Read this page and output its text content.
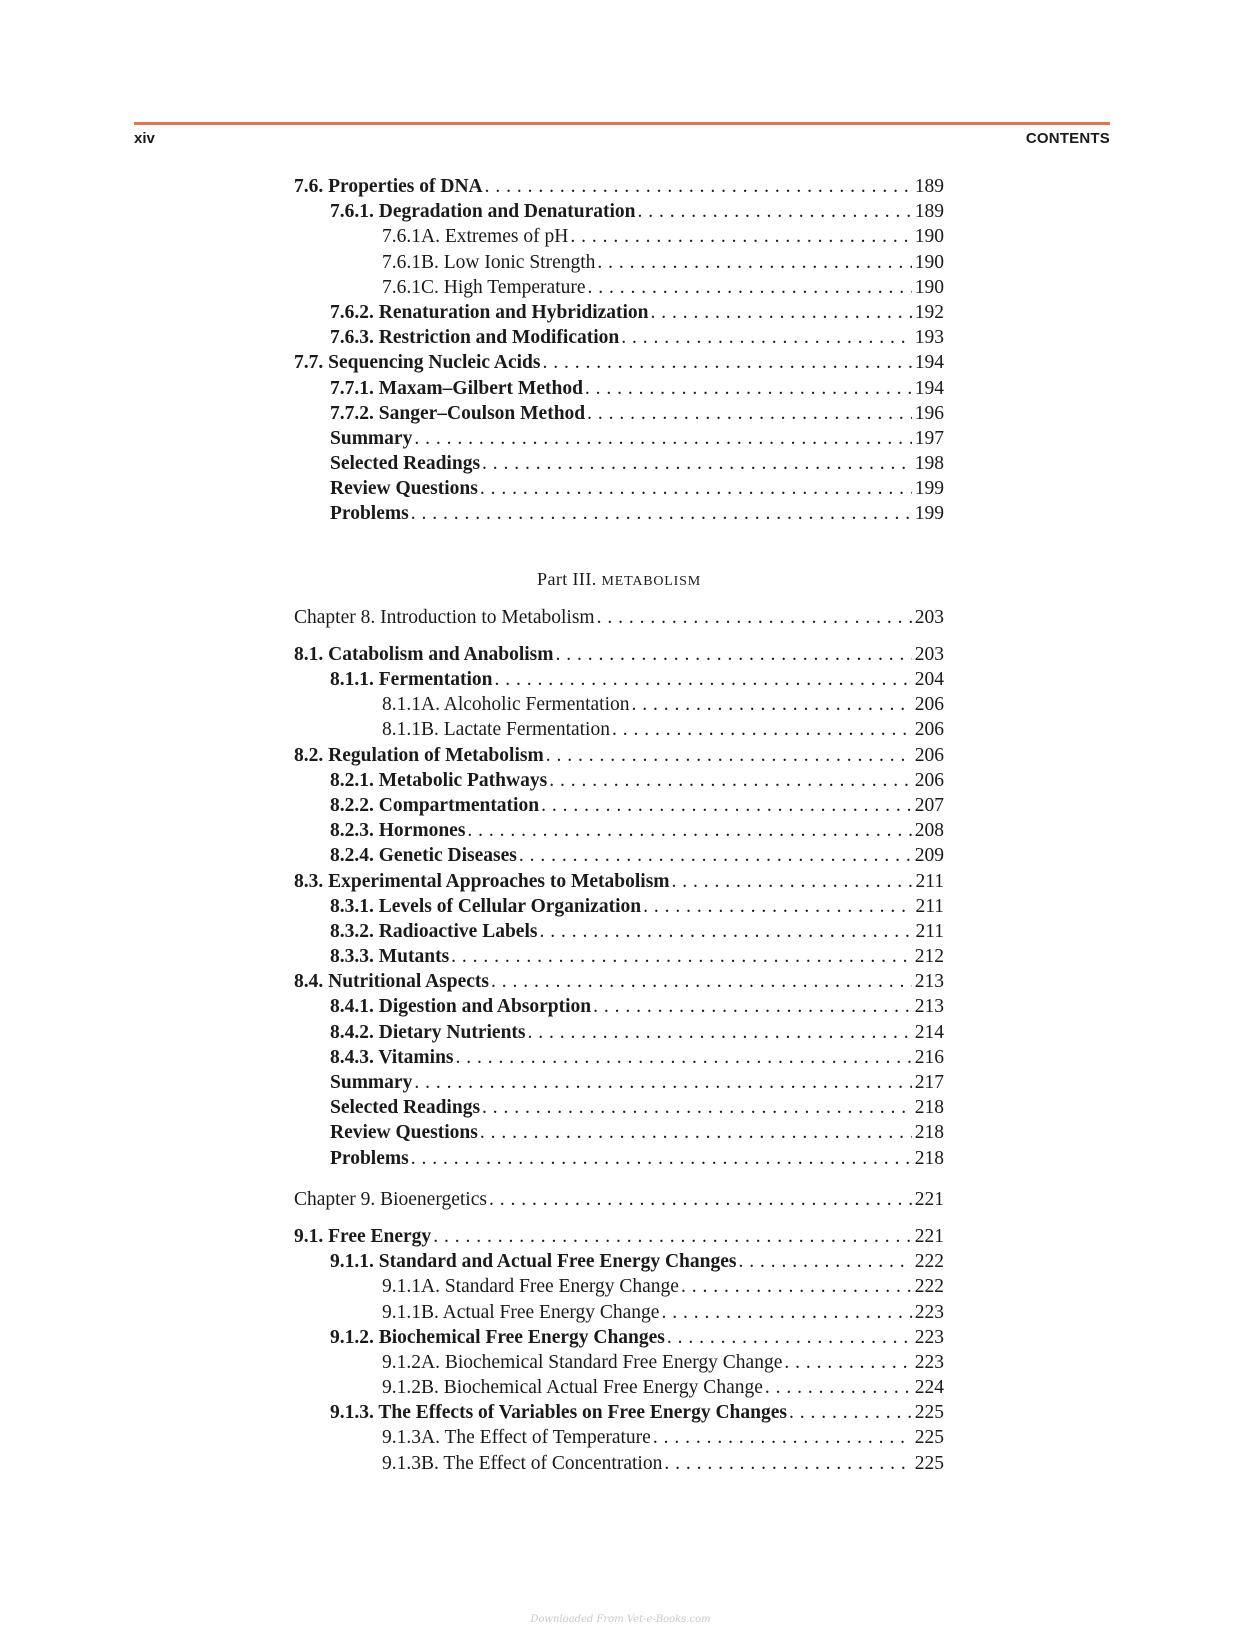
xiv	CONTENTS
7.6. Properties of DNA . . .	189
7.6.1. Degradation and Denaturation . . .	189
7.6.1A. Extremes of pH . . .	190
7.6.1B. Low Ionic Strength . . .	190
7.6.1C. High Temperature . . .	190
7.6.2. Renaturation and Hybridization . . .	192
7.6.3. Restriction and Modification . . .	193
7.7. Sequencing Nucleic Acids . . .	194
7.7.1. Maxam–Gilbert Method . . .	194
7.7.2. Sanger–Coulson Method . . .	196
Summary . . .	197
Selected Readings . . .	198
Review Questions . . .	199
Problems . . .	199
Part III. METABOLISM
Chapter 8. Introduction to Metabolism . . .	203
8.1. Catabolism and Anabolism . . .	203
8.1.1. Fermentation . . .	204
8.1.1A. Alcoholic Fermentation . . .	206
8.1.1B. Lactate Fermentation . . .	206
8.2. Regulation of Metabolism . . .	206
8.2.1. Metabolic Pathways . . .	206
8.2.2. Compartmentation . . .	207
8.2.3. Hormones . . .	208
8.2.4. Genetic Diseases . . .	209
8.3. Experimental Approaches to Metabolism . . .	211
8.3.1. Levels of Cellular Organization . . .	211
8.3.2. Radioactive Labels . . .	211
8.3.3. Mutants . . .	212
8.4. Nutritional Aspects . . .	213
8.4.1. Digestion and Absorption . . .	213
8.4.2. Dietary Nutrients . . .	214
8.4.3. Vitamins . . .	216
Summary . . .	217
Selected Readings . . .	218
Review Questions . . .	218
Problems . . .	218
Chapter 9. Bioenergetics . . .	221
9.1. Free Energy . . .	221
9.1.1. Standard and Actual Free Energy Changes . . .	222
9.1.1A. Standard Free Energy Change . . .	222
9.1.1B. Actual Free Energy Change . . .	223
9.1.2. Biochemical Free Energy Changes . . .	223
9.1.2A. Biochemical Standard Free Energy Change . . .	223
9.1.2B. Biochemical Actual Free Energy Change . . .	224
9.1.3. The Effects of Variables on Free Energy Changes . . .	225
9.1.3A. The Effect of Temperature . . .	225
9.1.3B. The Effect of Concentration . . .	225
Downloaded From Vet-e-Books.com
